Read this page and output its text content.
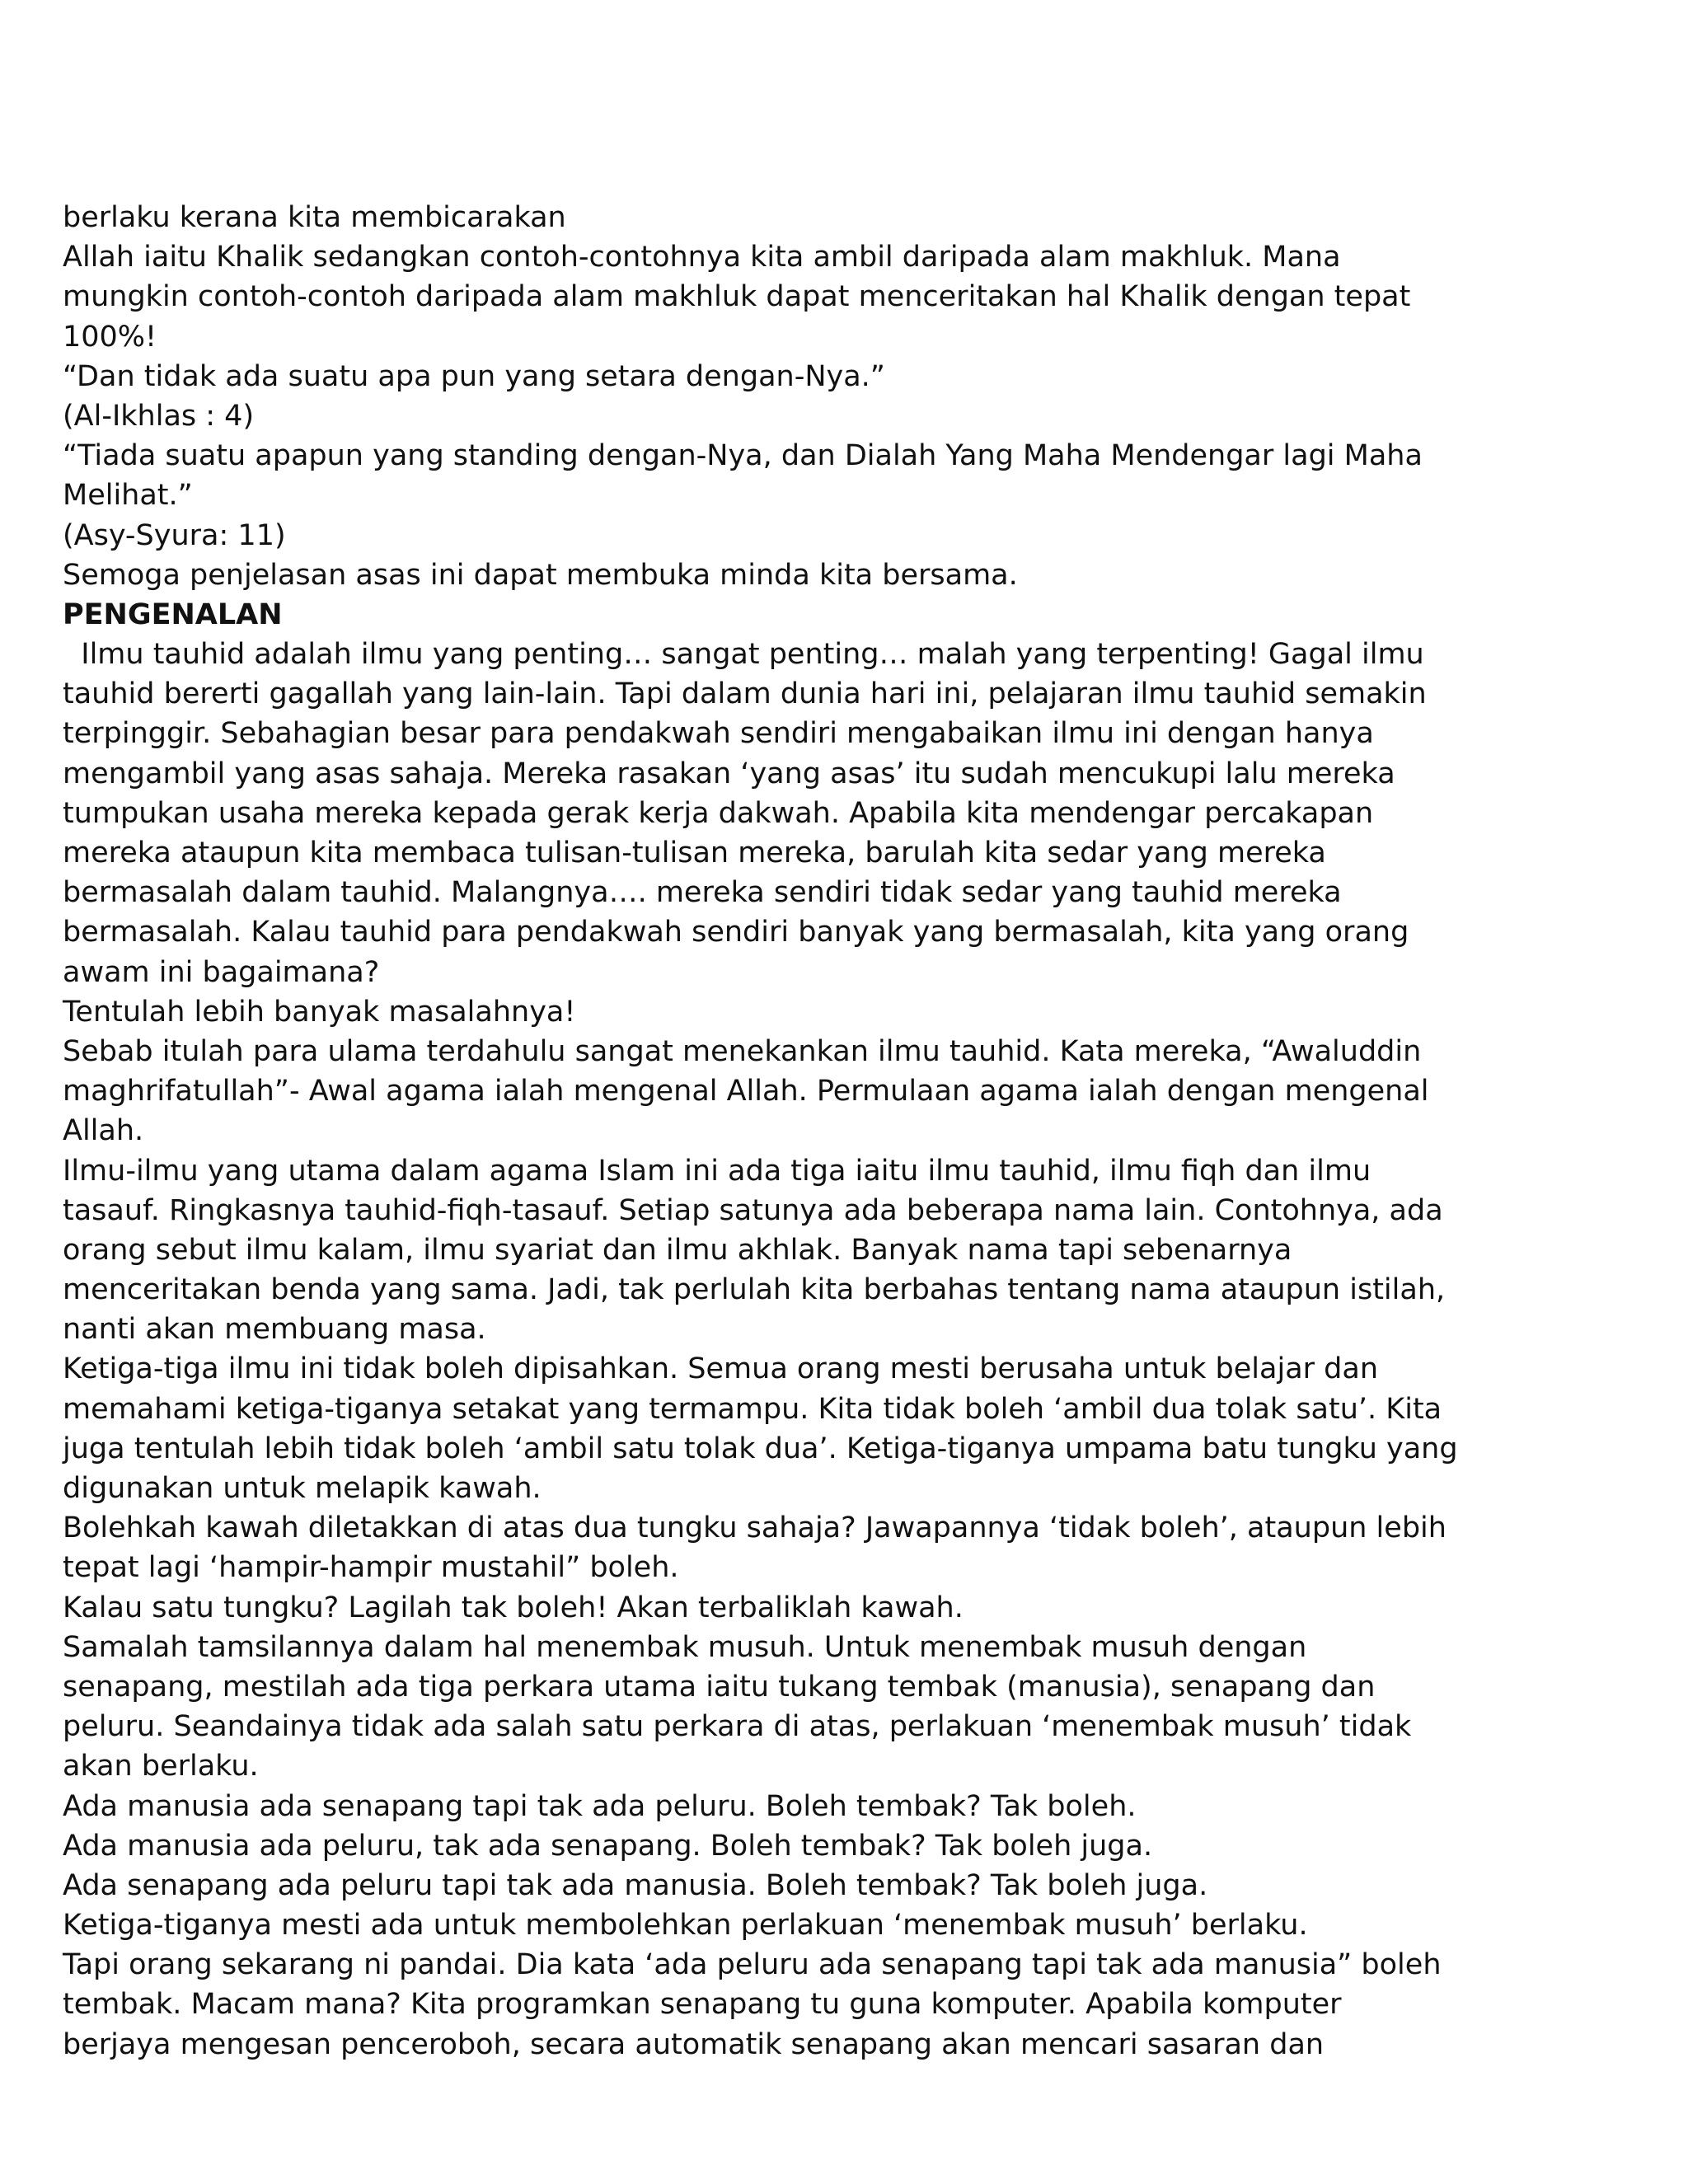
berlaku kerana kita membicarakan
Allah iaitu Khalik sedangkan contoh-contohnya kita ambil daripada alam makhluk. Mana
mungkin contoh-contoh daripada alam makhluk dapat menceritakan hal Khalik dengan tepat
100%!
“Dan tidak ada suatu apa pun yang setara dengan-Nya.”
(Al-Ikhlas : 4)
“Tiada suatu apapun yang standing dengan-Nya, dan Dialah Yang Maha Mendengar lagi Maha
Melihat.”
(Asy-Syura: 11)
Semoga penjelasan asas ini dapat membuka minda kita bersama.
PENGENALAN
Ilmu tauhid adalah ilmu yang penting… sangat penting… malah yang terpenting! Gagal ilmu
tauhid bererti gagallah yang lain-lain. Tapi dalam dunia hari ini, pelajaran ilmu tauhid semakin
terpinggir. Sebahagian besar para pendakwah sendiri mengabaikan ilmu ini dengan hanya
mengambil yang asas sahaja. Mereka rasakan ‘yang asas’ itu sudah mencukupi lalu mereka
tumpukan usaha mereka kepada gerak kerja dakwah. Apabila kita mendengar percakapan
mereka ataupun kita membaca tulisan-tulisan mereka, barulah kita sedar yang mereka
bermasalah dalam tauhid. Malangnya…. mereka sendiri tidak sedar yang tauhid mereka
bermasalah. Kalau tauhid para pendakwah sendiri banyak yang bermasalah, kita yang orang
awam ini bagaimana?
Tentulah lebih banyak masalahnya!
Sebab itulah para ulama terdahulu sangat menekankan ilmu tauhid. Kata mereka, “Awaluddin
maghrifatullah”- Awal agama ialah mengenal Allah. Permulaan agama ialah dengan mengenal
Allah.
Ilmu-ilmu yang utama dalam agama Islam ini ada tiga iaitu ilmu tauhid, ilmu fiqh dan ilmu
tasauf. Ringkasnya tauhid-fiqh-tasauf. Setiap satunya ada beberapa nama lain. Contohnya, ada
orang sebut ilmu kalam, ilmu syariat dan ilmu akhlak. Banyak nama tapi sebenarnya
menceritakan benda yang sama. Jadi, tak perlulah kita berbahas tentang nama ataupun istilah,
nanti akan membuang masa.
Ketiga-tiga ilmu ini tidak boleh dipisahkan. Semua orang mesti berusaha untuk belajar dan
memahami ketiga-tiganya setakat yang termampu. Kita tidak boleh ‘ambil dua tolak satu’. Kita
juga tentulah lebih tidak boleh ‘ambil satu tolak dua’. Ketiga-tiganya umpama batu tungku yang
digunakan untuk melapik kawah.
Bolehkah kawah diletakkan di atas dua tungku sahaja? Jawapannya ‘tidak boleh’, ataupun lebih
tepat lagi ‘hampir-hampir mustahil” boleh.
Kalau satu tungku? Lagilah tak boleh! Akan terbaliklah kawah.
Samalah tamsilannya dalam hal menembak musuh. Untuk menembak musuh dengan
senapang, mestilah ada tiga perkara utama iaitu tukang tembak (manusia), senapang dan
peluru. Seandainya tidak ada salah satu perkara di atas, perlakuan ‘menembak musuh’ tidak
akan berlaku.
Ada manusia ada senapang tapi tak ada peluru. Boleh tembak? Tak boleh.
Ada manusia ada peluru, tak ada senapang. Boleh tembak? Tak boleh juga.
Ada senapang ada peluru tapi tak ada manusia. Boleh tembak? Tak boleh juga.
Ketiga-tiganya mesti ada untuk membolehkan perlakuan ‘menembak musuh’ berlaku.
Tapi orang sekarang ni pandai. Dia kata ‘ada peluru ada senapang tapi tak ada manusia” boleh
tembak. Macam mana? Kita programkan senapang tu guna komputer. Apabila komputer
berjaya mengesan penceroboh, secara automatik senapang akan mencari sasaran dan
